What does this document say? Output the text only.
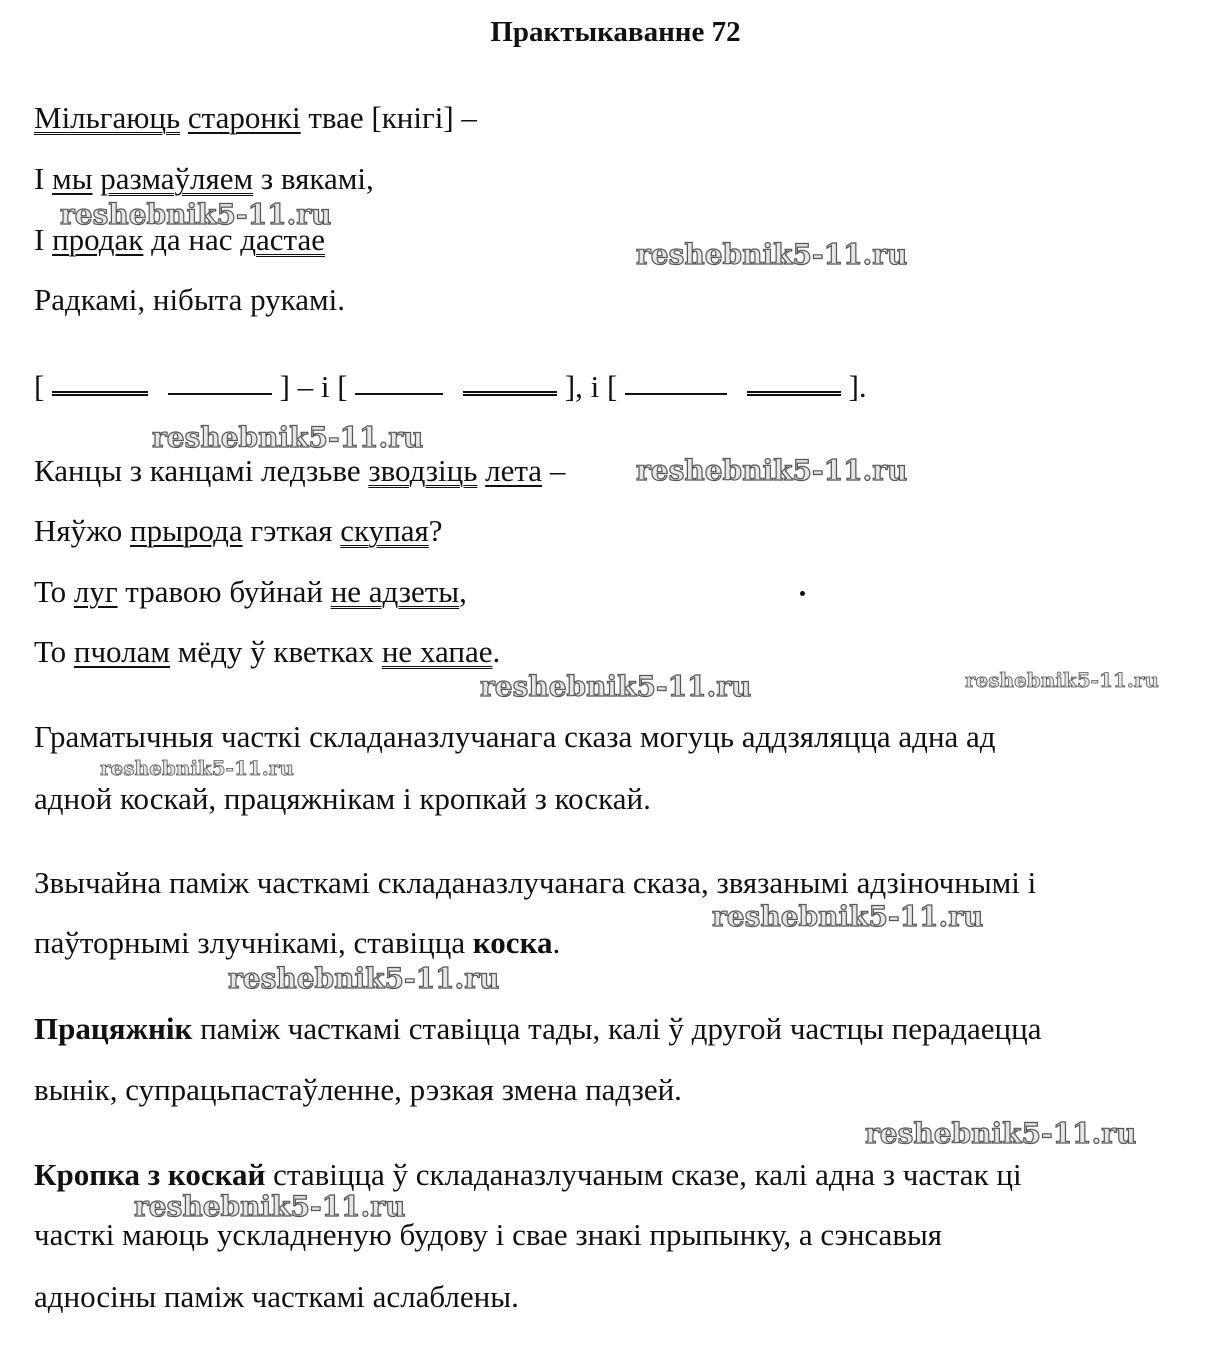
Практыкаванне 72
Мільгаюць старонкі тваe [кнігі] –
І мы размаўляем з вякамі,
І продак да нас дастае
Радкамі, нібыта рукамі.
[	] – і [	], і [	].
Канцы з канцамі ледзьве зводзіць лета –
Няўжо прырода гэткая скупая?
То луг травою буйнай не адзеты,
То пчолам мёду ў кветках не хапае.
Граматычныя часткі складаназлучанага сказа могуць аддзяляцца адна ад
адной коскай, працяжнікам і кропкай з коскай.
Звычайна паміж часткамі складаназлучанага сказа, звязанымі адзіночнымі і
паўторнымі злучнікамі, ставіцца коска.
Працяжнік паміж часткамі ставіцца тады, калі ў другой частцы перадаецца
вынік, супрацьпастаўленне, рэзкая змена падзей.
Кропка з коскай ставіцца ў складаназлучаным сказе, калі адна з частак ці
часткі маюць ускладненую будову і свае знакі прыпынку, а сэнсавыя
адносіны паміж часткамі аслаблены.
reshebnik5-11.ru
reshebnik5-11.ru
reshebnik5-11.ru
reshebnik5-11.ru
reshebnik5-11.ru	reshebnik5-11.ru
reshebnik5-11.ru
reshebnik5-11.ru
reshebnik5-11.ru
reshebnik5-11.ru
reshebnik5-11.ru
